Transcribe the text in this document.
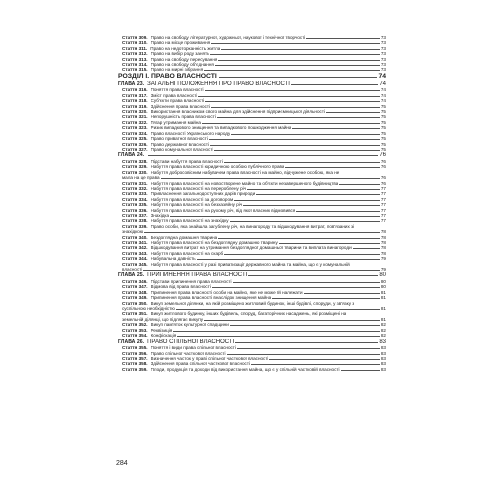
Стаття 309. Право на свободу літературної, художньої, наукової і технічної творчості	73
Стаття 310. Право на місце проживання	73
Стаття 311. Право на недоторканність житла	73
Стаття 312. Право на вибір роду занять	73
Стаття 313. Право на свободу пересування	73
Стаття 314. Право на свободу об'єднання	73
Стаття 315. Право на мирні зібрання	73
РОЗДІЛ І. ПРАВО ВЛАСНОСТІ	74
ГЛАВА 23. ЗАГАЛЬНІ ПОЛОЖЕННЯ ПРО ПРАВО ВЛАСНОСТІ	74
Стаття 316. Поняття права власності	74
Стаття 317. Зміст права власності	74
Стаття 318. Суб'єкти права власності	74
Стаття 319. Здійснення права власності	75
Стаття 320. Використання власником свого майна для здійснення підприємницької діяльності	75
Стаття 321. Непорушність права власності	75
Стаття 322. Тягар утримання майна	75
Стаття 323. Ризик випадкового знищення та випадкового пошкодження майна	75
Стаття 324. Право власності Українського народу	75
Стаття 325. Право приватної власності	75
Стаття 326. Право державної власності	75
Стаття 327. Право комунальної власності	75
ГЛАВА 24.	76
Стаття 328. Підстави набуття права власності	76
Стаття 329. Набуття права власності юридичною особою публічного права	76
Стаття 330. Набуття добросовісним набувачем права власності на майно, відчужене особою, яка не
мала на це права	76
Стаття 331. Набуття права власності на новостворене майно та об'єкти незавершеного будівництва	76
Стаття 332. Набуття права власності на перероблену річ	77
Стаття 333. Привласнення загальнодоступних дарів природи	77
Стаття 334. Набуття права власності за договором	77
Стаття 335. Набуття права власності на безхазяйну річ	77
Стаття 336. Набуття права власності на рухому річ, від якої власник відмовився	77
Стаття 337. Знахідка	77
Стаття 338. Набуття права власності на знахідку	77
Стаття 339. Право особи, яка знайшла загублену річ, на винагороду та відшкодування витрат, пов'язаних зі
знахідкою	78
Стаття 340. Бездоглядна домашня тварина	78
Стаття 341. Набуття права власності на бездоглядну домашню тварину	78
Стаття 342. Відшкодування витрат на утримання бездоглядної домашньої тварини та виплата винагороди	78
Стаття 343. Набуття права власності на скарб	78
Стаття 344. Набувальна давність	79
Стаття 345. Набуття права власності у разі приватизації державного майна та майна, що є у комунальній
власності	79
ГЛАВА 25. ПРИПИНЕННЯ ПРАВА ВЛАСНОСТІ	80
Стаття 346. Підстави припинення права власності	80
Стаття 347. Відмова від права власності	80
Стаття 348. Припинення права власності особи на майно, яке не може їй належати	81
Стаття 349. Припинення права власності внаслідок знищення майна	81
Стаття 350. Викуп земельної ділянки, на якій розміщено житловий будинок, інші будівлі, споруди, у зв'язку з
суспільною необхідністю	81
Стаття 351. Викуп житлового будинку, інших будівель, споруд, багаторічних насаджень, які розміщені на
земельній ділянці, що підлягає викупу	81
Стаття 352. Викуп пам'яток культурної спадщини	82
Стаття 353. Реквізиція	82
Стаття 354. Конфіскація	82
ГЛАВА 26. ПРАВО СПІЛЬНОЇ ВЛАСНОСТІ	83
Стаття 355. Поняття і види права спільної власності	83
Стаття 356. Право спільної часткової власності	83
Стаття 357. Визначення часток у праві спільної часткової власності	83
Стаття 358. Здійснення права спільної часткової власності	83
Стаття 359. Плоди, продукція та доходи від використання майна, що є у спільній частковій власності	83
284
